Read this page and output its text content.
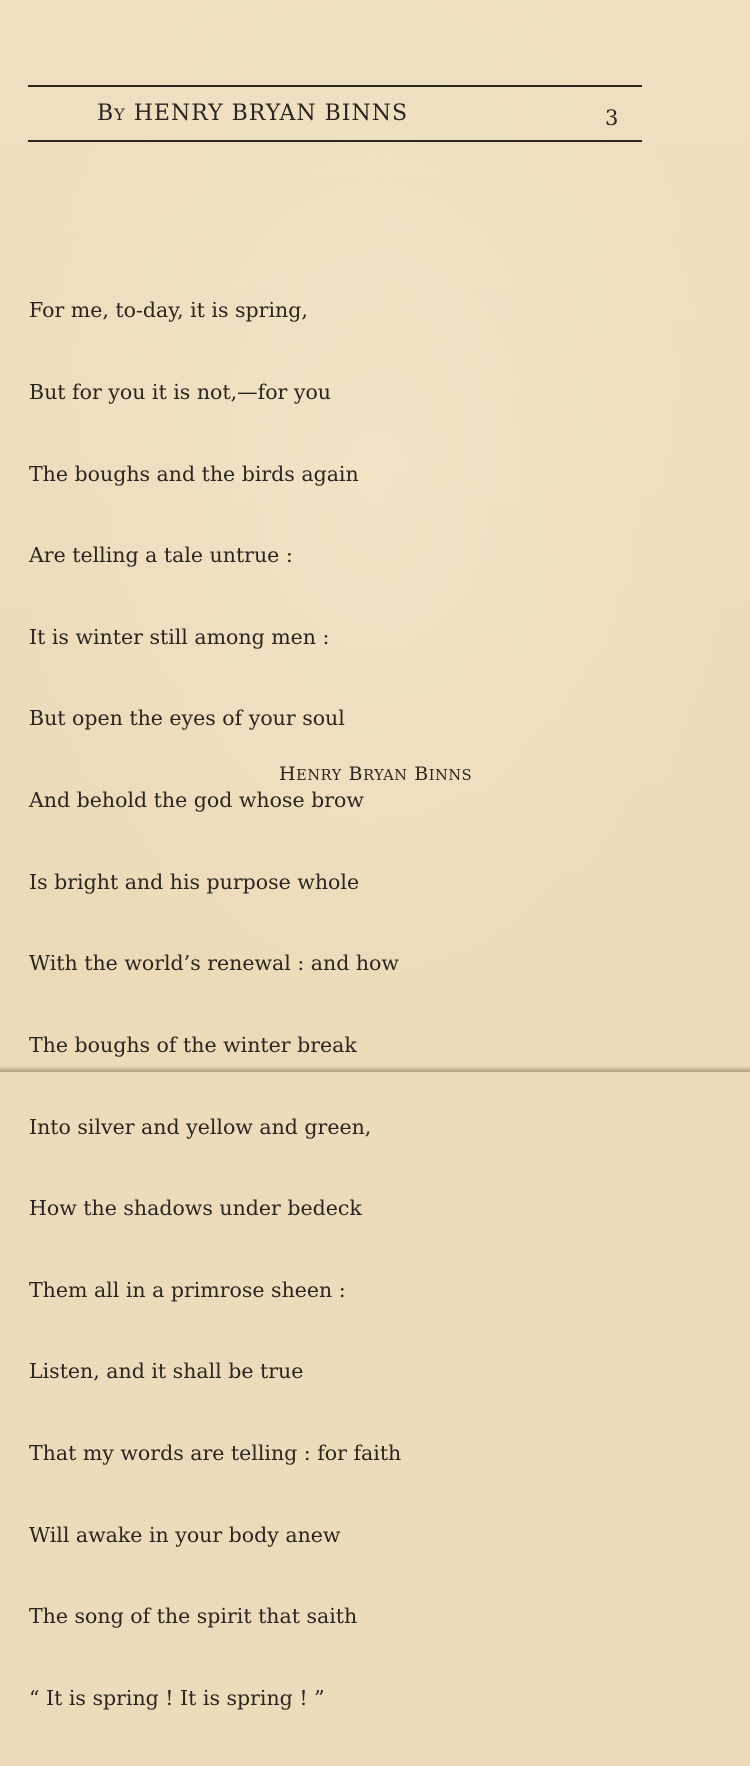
BY HENRY BRYAN BINNS	3

For me, to-day, it is spring,

But for you it is not,—for you

The boughs and the birds again

Are telling a tale untrue :

It is winter still among men :

But open the eyes of your soul

And behold the god whose brow

Is bright and his purpose whole

With the world’s renewal : and how

The boughs of the winter break

Into silver and yellow and green,

How the shadows under bedeck

Them all in a primrose sheen :

Listen, and it shall be true

That my words are telling : for faith

Will awake in your body anew

The song of the spirit that saith

“ It is spring ! It is spring ! ”

HENRY BRYAN BINNS
